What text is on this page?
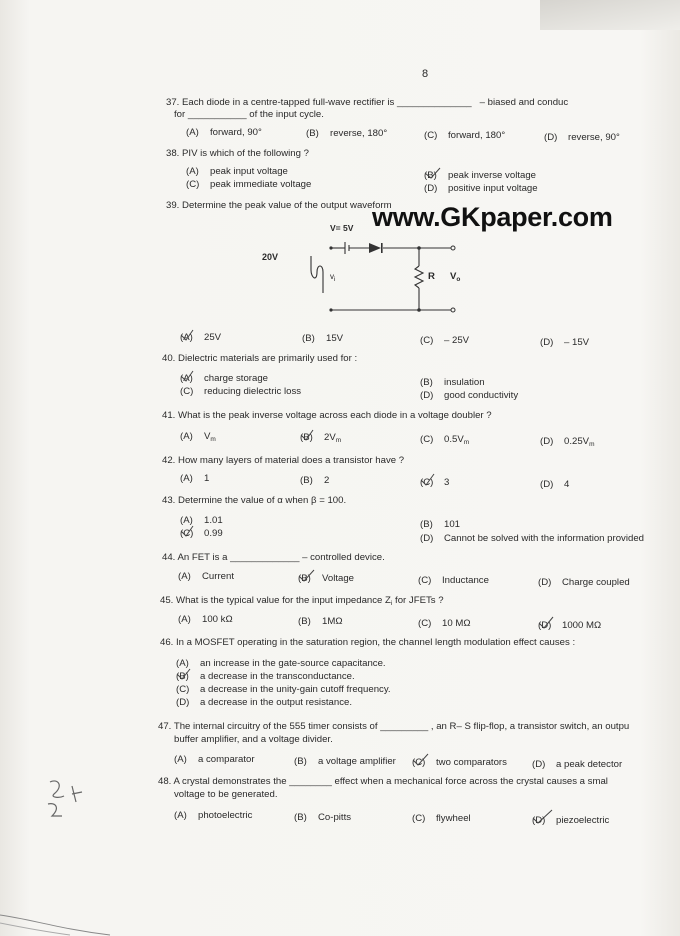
8
www.GKpaper.com
37. Each diode in a centre-tapped full-wave rectifier is ______________ – biased and conduc
for ___________ of the input cycle.
(A) forward, 90°	(B) reverse, 180°	(C) forward, 180°	(D) reverse, 90°
38. PIV is which of the following ?
(A) peak input voltage	(B) peak inverse voltage
(C) peak immediate voltage	(D) positive input voltage
39. Determine the peak value of the output waveform
20V
$v_i$
V= 5V
R $V_o$
(A) 25V	(B) 15V	(C) – 25V	(D) – 15V
40. Dielectric materials are primarily used for :
(A) charge storage	(B) insulation
(C) reducing dielectric loss	(D) good conductivity
41. What is the peak inverse voltage across each diode in a voltage doubler ?
(A) $V_m$	(B) $2V_m$	(C) $0.5V_m$	(D) $0.25V_m$
42. How many layers of material does a transistor have ?
(A) 1	(B) 2	(C) 3	(D) 4
43. Determine the value of α when β = 100.
(A) 1.01	(B) 101
(C) 0.99	(D) Cannot be solved with the information provided
44. An FET is a _____________ – controlled device.
(A) Current	(B) Voltage	(C) Inductance	(D) Charge coupled
45. What is the typical value for the input impedance $Z_i$ for JFETs ?
(A) 100 kΩ	(B) 1MΩ	(C) 10 MΩ	(D) 1000 MΩ
46. In a MOSFET operating in the saturation region, the channel length modulation effect causes :
(A) an increase in the gate-source capacitance.
(B) a decrease in the transconductance.
(C) a decrease in the unity-gain cutoff frequency.
(D) a decrease in the output resistance.
47. The internal circuitry of the 555 timer consists of _________ , an R– S flip-flop, a transistor switch, an outpu
buffer amplifier, and a voltage divider.
(A) a comparator	(B) a voltage amplifier (C) two comparators	(D) a peak detector
48. A crystal demonstrates the ________ effect when a mechanical force across the crystal causes a smal
voltage to be generated.
(A) photoelectric	(B) Co-pitts	(C) flywheel	(D) piezoelectric
